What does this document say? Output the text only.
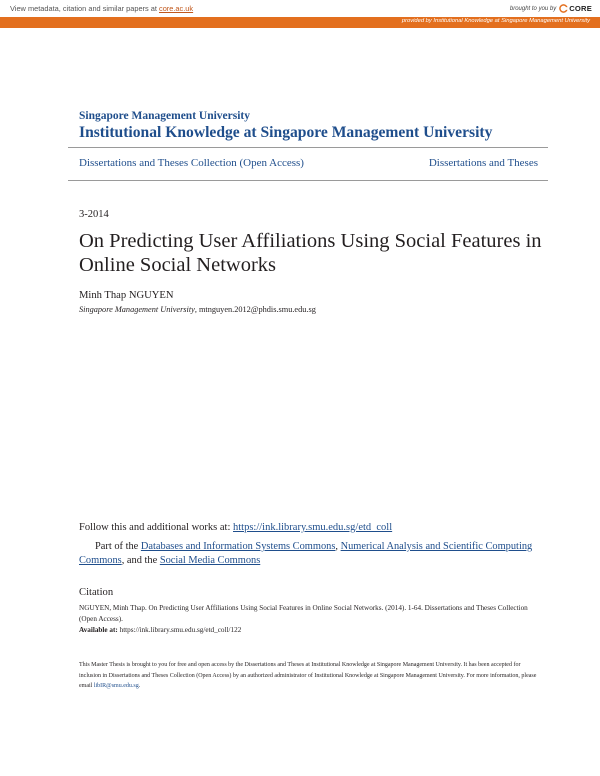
View metadata, citation and similar papers at core.ac.uk	brought to you by CORE
provided by Institutional Knowledge at Singapore Management University
Singapore Management University
Institutional Knowledge at Singapore Management University
Dissertations and Theses Collection (Open Access)	Dissertations and Theses
3-2014
On Predicting User Affiliations Using Social Features in Online Social Networks
Minh Thap NGUYEN
Singapore Management University, mtnguyen.2012@phdis.smu.edu.sg
Follow this and additional works at: https://ink.library.smu.edu.sg/etd_coll
Part of the Databases and Information Systems Commons, Numerical Analysis and Scientific Computing Commons, and the Social Media Commons
Citation
NGUYEN, Minh Thap. On Predicting User Affiliations Using Social Features in Online Social Networks. (2014). 1-64. Dissertations and Theses Collection (Open Access).
Available at: https://ink.library.smu.edu.sg/etd_coll/122
This Master Thesis is brought to you for free and open access by the Dissertations and Theses at Institutional Knowledge at Singapore Management University. It has been accepted for inclusion in Dissertations and Theses Collection (Open Access) by an authorized administrator of Institutional Knowledge at Singapore Management University. For more information, please email libIR@smu.edu.sg.
